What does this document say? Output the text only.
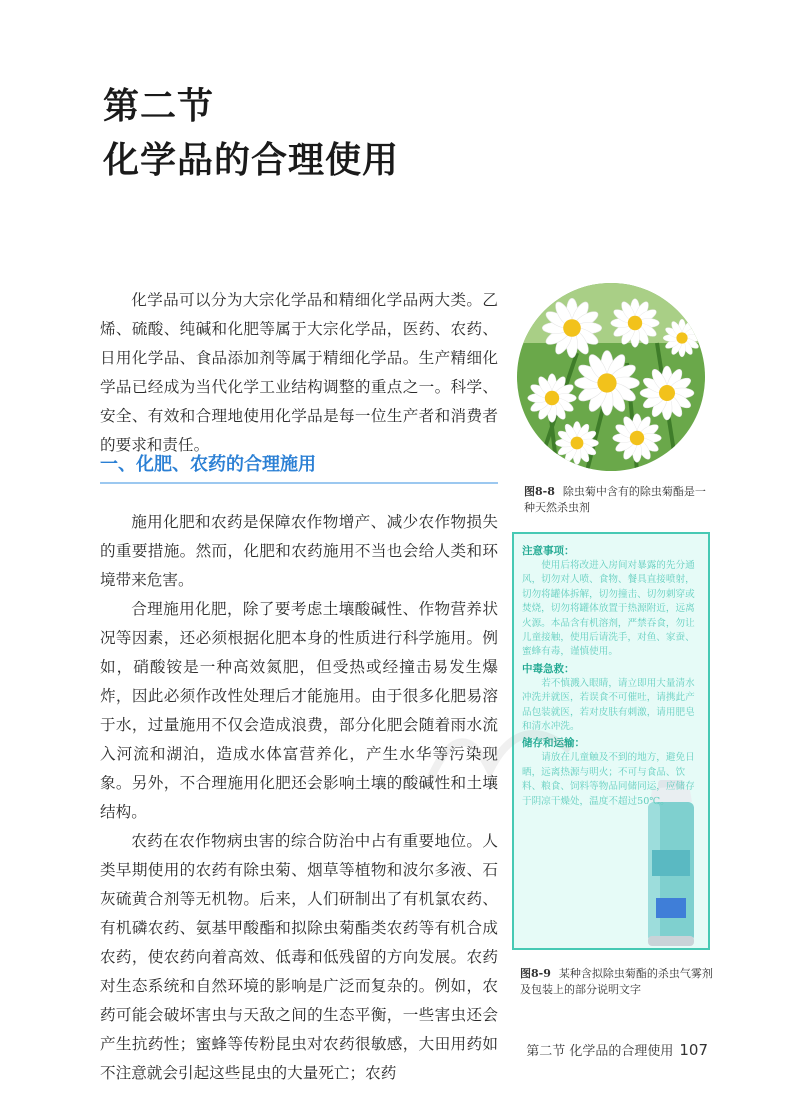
第二节
化学品的合理使用

化学品可以分为大宗化学品和精细化学品两大类。乙烯、硫酸、纯碱和化肥等属于大宗化学品，医药、农药、日用化学品、食品添加剂等属于精细化学品。生产精细化学品已经成为当代化学工业结构调整的重点之一。科学、安全、有效和合理地使用化学品是每一位生产者和消费者的要求和责任。

一、化肥、农药的合理施用

施用化肥和农药是保障农作物增产、减少农作物损失的重要措施。然而，化肥和农药施用不当也会给人类和环境带来危害。

合理施用化肥，除了要考虑土壤酸碱性、作物营养状况等因素，还必须根据化肥本身的性质进行科学施用。例如，硝酸铵是一种高效氮肥，但受热或经撞击易发生爆炸，因此必须作改性处理后才能施用。由于很多化肥易溶于水，过量施用不仅会造成浪费，部分化肥会随着雨水流入河流和湖泊，造成水体富营养化，产生水华等污染现象。另外，不合理施用化肥还会影响土壤的酸碱性和土壤结构。

农药在农作物病虫害的综合防治中占有重要地位。人类早期使用的农药有除虫菊、烟草等植物和波尔多液、石灰硫黄合剂等无机物。后来，人们研制出了有机氯农药、有机磷农药、氨基甲酸酯和拟除虫菊酯类农药等有机合成农药，使农药向着高效、低毒和低残留的方向发展。农药对生态系统和自然环境的影响是广泛而复杂的。例如，农药可能会破坏害虫与天敌之间的生态平衡，一些害虫还会产生抗药性；蜜蜂等传粉昆虫对农药很敏感，大田用药如不注意就会引起这些昆虫的大量死亡；农药

图8-8 除虫菊中含有的除虫菊酯是一种天然杀虫剂
注意事项：
使用后将改进入房间对暴露的先分通风，切勿对人喷、食物、餐具直接喷射，切勿将罐体拆解，切勿撞击、切勿刺穿或焚烧，切勿将罐体放置于热源附近，远离火源。本品含有机溶剂，严禁吞食，勿让儿童接触，使用后请洗手，对鱼、家蚕、蜜蜂有毒，谨慎使用。
中毒急救：
若不慎溅入眼睛，请立即用大量清水冲洗并就医，若误食不可催吐，请携此产品包装就医，若对皮肤有刺激，请用肥皂和清水冲洗。
储存和运输：
请放在儿童触及不到的地方，避免日晒，远离热源与明火；不可与食品、饮料、粮食、饲料等物品同储同运，应储存于阴凉干燥处，温度不超过50℃。
图8-9 某种含拟除虫菊酯的杀虫气雾剂及包装上的部分说明文字
第二节 化学品的合理使用 107
